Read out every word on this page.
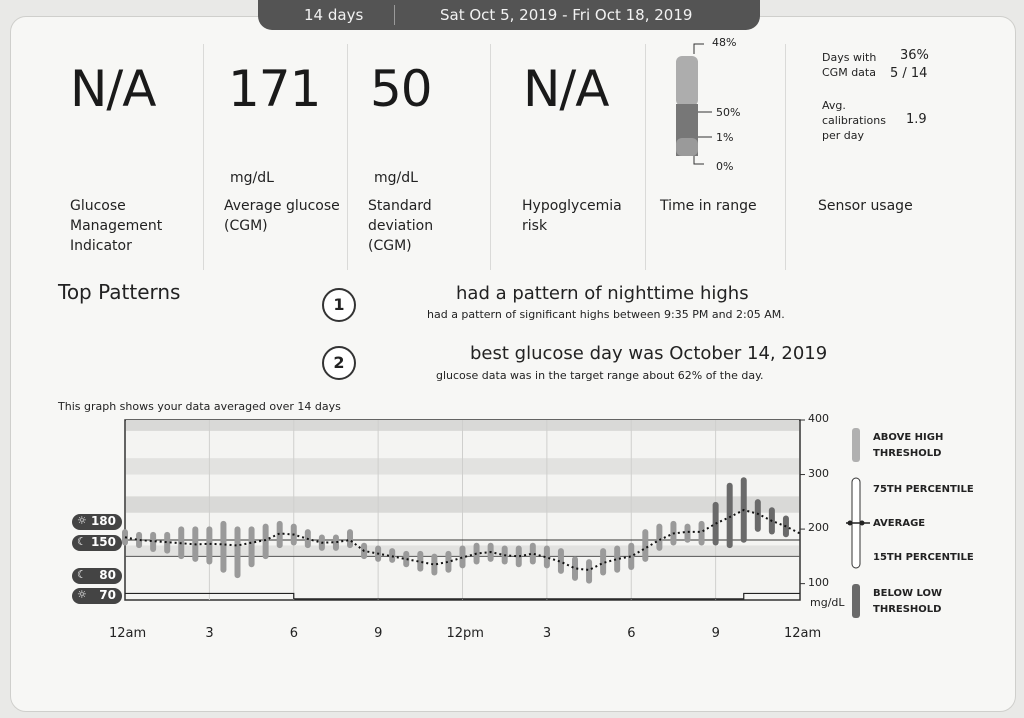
14 days	Sat Oct 5, 2019 - Fri Oct 18, 2019
N/A
Glucose Management Indicator
171
mg/dL
Average glucose (CGM)
50
mg/dL
Standard deviation (CGM)
N/A
Hypoglycemia risk
48%
50%
1%
0%
Time in range
Days with CGM data
36%
5 / 14
Avg. calibrations per day
1.9
Sensor usage
Top Patterns
1
had a pattern of nighttime highs
had a pattern of significant highs between 9:35 PM and 2:05 AM.
2	best glucose day was October 14, 2019
glucose data was in the target range about 62% of the day.
This graph shows your data averaged over 14 days
☼ 180
☾ 150
☾ 80
☼ 70
400
300
200
100
mg/dL
12am	3	6	9	12pm	3	6	9	12am
ABOVE HIGH THRESHOLD
75TH PERCENTILE
AVERAGE
15TH PERCENTILE
BELOW LOW THRESHOLD
